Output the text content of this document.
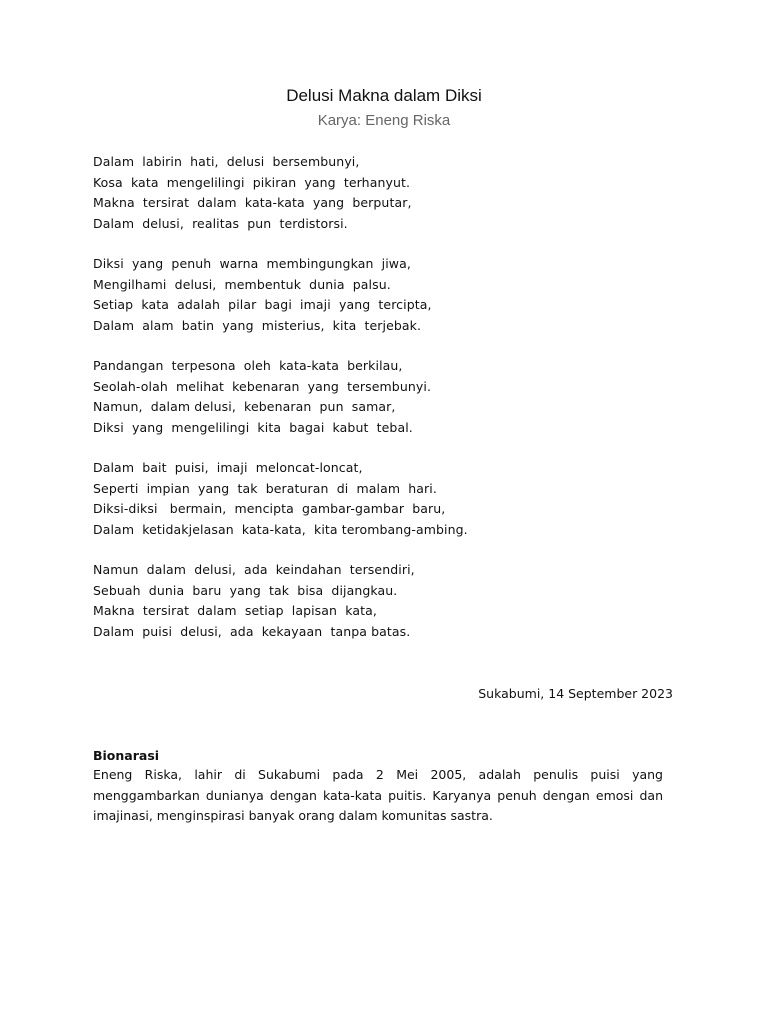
Delusi Makna dalam Diksi
Karya: Eneng Riska
Dalam  labirin  hati,  delusi  bersembunyi,
Kosa  kata  mengelilingi  pikiran  yang  terhanyut.
Makna  tersirat  dalam  kata-kata  yang  berputar,
Dalam  delusi,  realitas  pun  terdistorsi.
Diksi  yang  penuh  warna  membingungkan  jiwa,
Mengilhami  delusi,  membentuk  dunia  palsu.
Setiap  kata  adalah  pilar  bagi  imaji  yang  tercipta,
Dalam  alam  batin  yang  misterius,  kita  terjebak.
Pandangan  terpesona  oleh  kata-kata  berkilau,
Seolah-olah  melihat  kebenaran  yang  tersembunyi.
Namun,  dalam delusi,  kebenaran  pun  samar,
Diksi  yang  mengelilingi  kita  bagai  kabut  tebal.
Dalam  bait  puisi,  imaji  meloncat-loncat,
Seperti  impian  yang  tak  beraturan  di  malam  hari.
Diksi-diksi   bermain,  mencipta  gambar-gambar  baru,
Dalam  ketidakjelasan  kata-kata,  kita terombang-ambing.
Namun  dalam  delusi,  ada  keindahan  tersendiri,
Sebuah  dunia  baru  yang  tak  bisa  dijangkau.
Makna  tersirat  dalam  setiap  lapisan  kata,
Dalam  puisi  delusi,  ada  kekayaan  tanpa batas.
Sukabumi, 14 September 2023
Bionarasi
Eneng Riska, lahir di Sukabumi pada 2 Mei 2005, adalah penulis puisi yang menggambarkan dunianya dengan kata-kata puitis. Karyanya penuh dengan emosi dan imajinasi, menginspirasi banyak orang dalam komunitas sastra.
